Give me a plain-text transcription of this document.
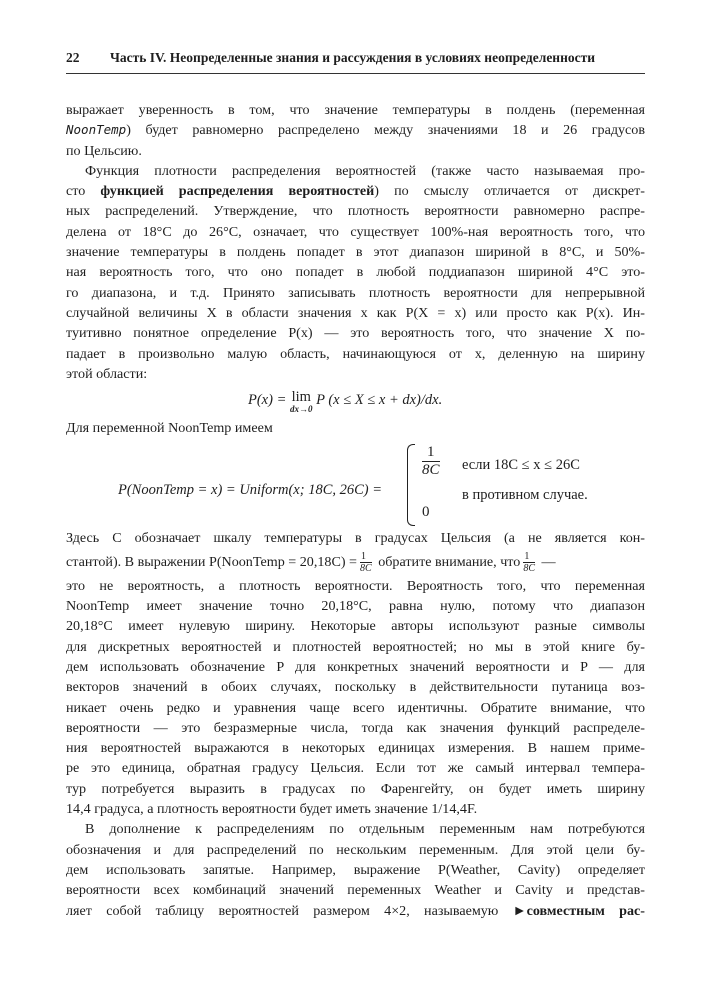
22 Часть IV. Неопределенные знания и рассуждения в условиях неопределенности
выражает уверенность в том, что значение температуры в полдень (переменная
NoonTemp) будет равномерно распределено между значениями 18 и 26 градусов
по Цельсию.
Функция плотности распределения вероятностей (также часто называемая про-
сто функцией распределения вероятностей) по смыслу отличается от дискрет-
ных распределений. Утверждение, что плотность вероятности равномерно распре-
делена от 18°C до 26°C, означает, что существует 100%-ная вероятность того, что
значение температуры в полдень попадет в этот диапазон шириной в 8°C, и 50%-
ная вероятность того, что оно попадет в любой поддиапазон шириной 4°C это-
го диапазона, и т.д. Принято записывать плотность вероятности для непрерывной
случайной величины X в области значения x как P(X = x) или просто как P(x). Ин-
туитивно понятное определение P(x) — это вероятность того, что значение X по-
падает в произвольно малую область, начинающуюся от x, деленную на ширину
этой области:
P(x) = lim
dx→0
P (x ≤ X ≤ x + dx)/dx.
Для переменной NoonTemp имеем
P(NoonTemp = x) = Uniform(x; 18C, 26C) =
$\frac{1}{8C}$
0
если 18C ≤ x ≤ 26C
в противном случае.
Здесь C обозначает шкалу температуры в градусах Цельсия (а не является кон-
стантой). В выражении P(NoonTemp = $20,18C) = \frac{1}{8C}$ обратите внимание, что $\frac{1}{8C}$ —
это не вероятность, а плотность вероятности. Вероятность того, что переменная
NoonTemp имеет значение точно 20,18°C, равна нулю, потому что диапазон
20,18°C имеет нулевую ширину. Некоторые авторы используют разные символы
для дискретных вероятностей и плотностей вероятностей; но мы в этой книге бу-
дем использовать обозначение P для конкретных значений вероятности и P — для
векторов значений в обоих случаях, поскольку в действительности путаница воз-
никает очень редко и уравнения чаще всего идентичны. Обратите внимание, что
вероятности — это безразмерные числа, тогда как значения функций распределе-
ния вероятностей выражаются в некоторых единицах измерения. В нашем приме-
ре это единица, обратная градусу Цельсия. Если тот же самый интервал темпера-
тур потребуется выразить в градусах по Фаренгейту, он будет иметь ширину
14,4 градуса, а плотность вероятности будет иметь значение 1/14,4F.
В дополнение к распределениям по отдельным переменным нам потребуются
обозначения и для распределений по нескольким переменным. Для этой цели бу-
дем использовать запятые. Например, выражение P(Weather, Cavity) определяет
вероятности всех комбинаций значений переменных Weather и Cavity и представ-
ляет собой таблицу вероятностей размером 4×2, называемую ►совместным рас-
